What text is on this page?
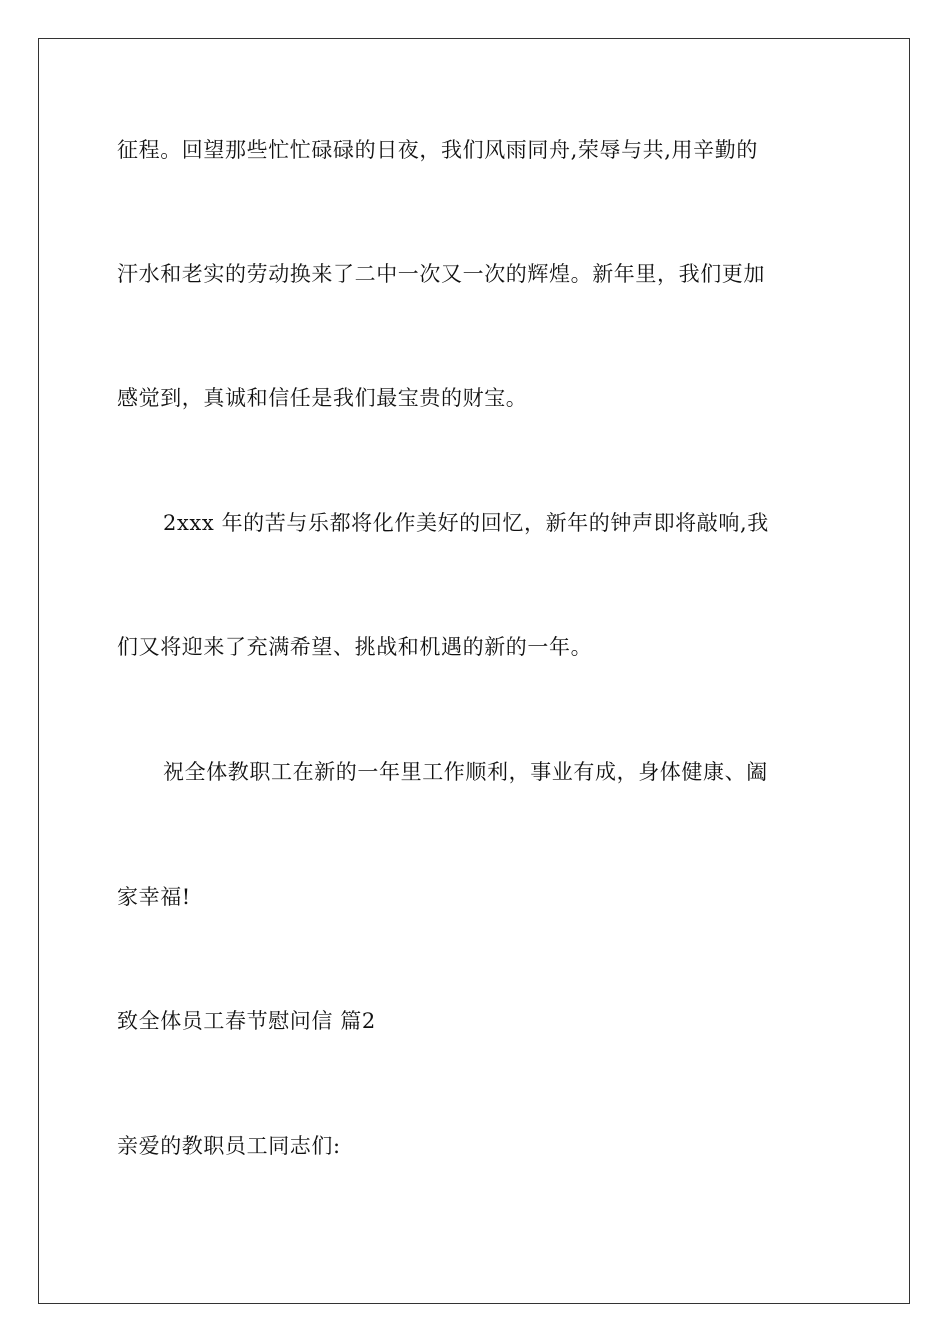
征程。回望那些忙忙碌碌的日夜，我们风雨同舟,荣辱与共,用辛勤的
汗水和老实的劳动换来了二中一次又一次的辉煌。新年里，我们更加
感觉到，真诚和信任是我们最宝贵的财宝。
2xxx 年的苦与乐都将化作美好的回忆，新年的钟声即将敲响,我
们又将迎来了充满希望、挑战和机遇的新的一年。
祝全体教职工在新的一年里工作顺利，事业有成，身体健康、阖
家幸福!
致全体员工春节慰问信 篇2
亲爱的教职员工同志们:
